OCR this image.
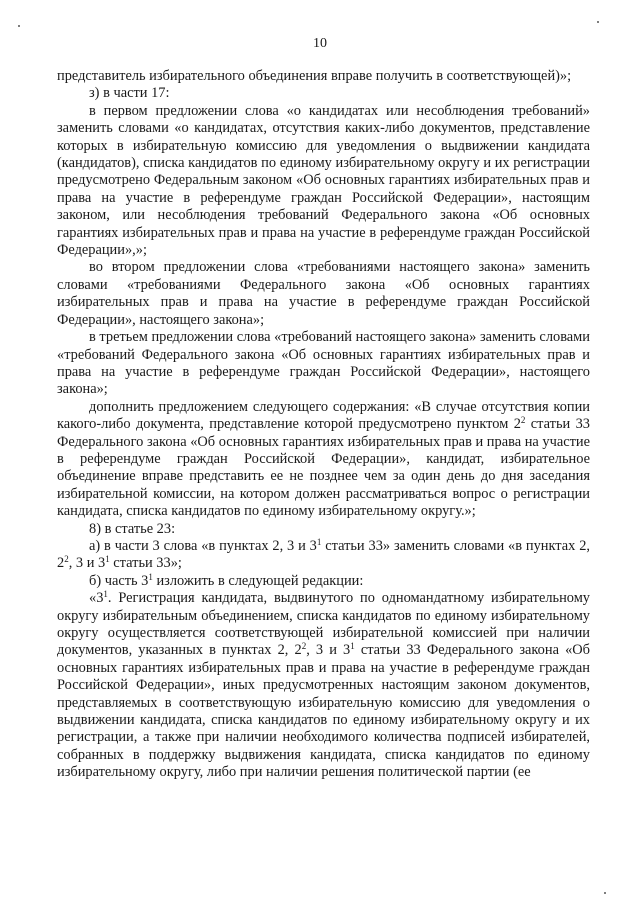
10

представитель избирательного объединения вправе получить в соответствующей)»;

з) в части 17:

в первом предложении слова «о кандидатах или несоблюдения требований» заменить словами «о кандидатах, отсутствия каких-либо документов, представление которых в избирательную комиссию для уведомления о выдвижении кандидата (кандидатов), списка кандидатов по единому избирательному округу и их регистрации предусмотрено Федеральным законом «Об основных гарантиях избирательных прав и права на участие в референдуме граждан Российской Федерации», настоящим законом, или несоблюдения требований Федерального закона «Об основных гарантиях избирательных прав и права на участие в референдуме граждан Российской Федерации»,»;

во втором предложении слова «требованиями настоящего закона» заменить словами «требованиями Федерального закона «Об основных гарантиях избирательных прав и права на участие в референдуме граждан Российской Федерации», настоящего закона»;

в третьем предложении слова «требований настоящего закона» заменить словами «требований Федерального закона «Об основных гарантиях избирательных прав и права на участие в референдуме граждан Российской Федерации», настоящего закона»;

дополнить предложением следующего содержания: «В случае отсутствия копии какого-либо документа, представление которой предусмотрено пунктом $2^2$ статьи 33 Федерального закона «Об основных гарантиях избирательных прав и права на участие в референдуме граждан Российской Федерации», кандидат, избирательное объединение вправе представить ее не позднее чем за один день до дня заседания избирательной комиссии, на котором должен рассматриваться вопрос о регистрации кандидата, списка кандидатов по единому избирательному округу.»;

8) в статье 23:

а) в части 3 слова «в пунктах 2, 3 и $3^1$ статьи 33» заменить словами «в пунктах 2, $2^2$, 3 и $3^1$ статьи 33»;

б) часть $3^1$ изложить в следующей редакции:

«$3^1$. Регистрация кандидата, выдвинутого по одномандатному избирательному округу избирательным объединением, списка кандидатов по единому избирательному округу осуществляется соответствующей избирательной комиссией при наличии документов, указанных в пунктах 2, $2^2$, 3 и $3^1$ статьи 33 Федерального закона «Об основных гарантиях избирательных прав и права на участие в референдуме граждан Российской Федерации», иных предусмотренных настоящим законом документов, представляемых в соответствующую избирательную комиссию для уведомления о выдвижении кандидата, списка кандидатов по единому избирательному округу и их регистрации, а также при наличии необходимого количества подписей избирателей, собранных в поддержку выдвижения кандидата, списка кандидатов по единому избирательному округу, либо при наличии решения политической партии (ее
